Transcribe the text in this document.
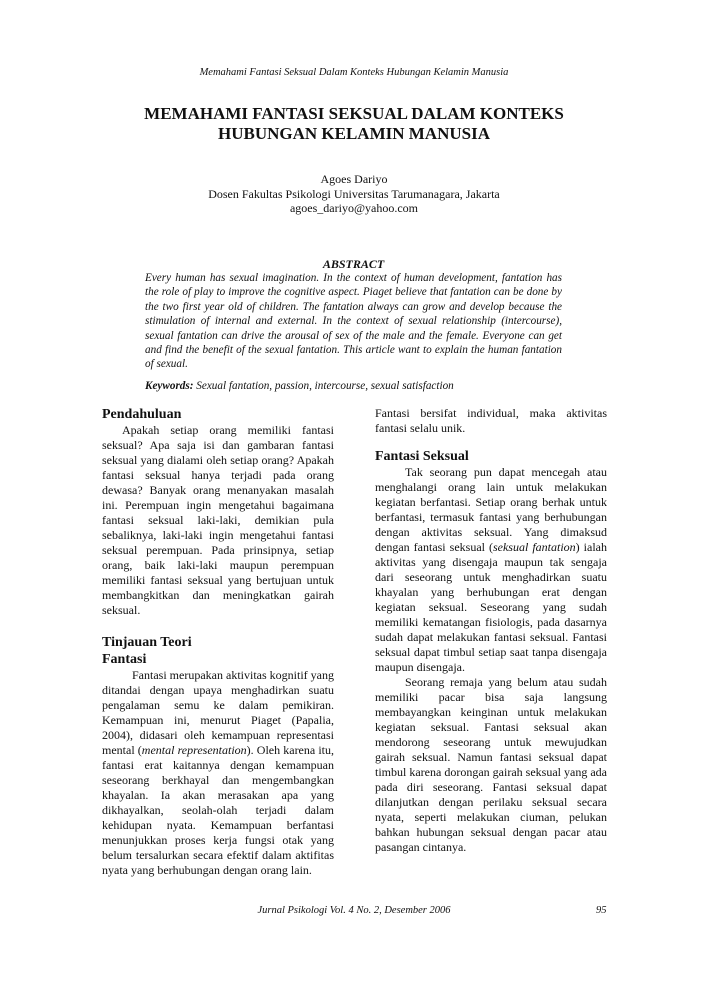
Memahami Fantasi Seksual Dalam Konteks Hubungan Kelamin Manusia
MEMAHAMI FANTASI SEKSUAL DALAM KONTEKS
HUBUNGAN KELAMIN MANUSIA
Agoes Dariyo
Dosen Fakultas Psikologi Universitas Tarumanagara, Jakarta
agoes_dariyo@yahoo.com
ABSTRACT

Every human has sexual imagination. In the context of human development, fantation has the role of play to improve the cognitive aspect. Piaget believe that fantation can be done by the two first year old of children. The fantation always can grow and develop because the stimulation of internal and external. In the context of sexual relationship (intercourse), sexual fantation can drive the arousal of sex of the male and the female. Everyone can get and find the benefit of the sexual fantation. This article want to explain the human fantation of sexual.

Keywords: Sexual fantation, passion, intercourse, sexual satisfaction
Pendahuluan

Apakah setiap orang memiliki fantasi seksual? Apa saja isi dan gambaran fantasi seksual yang dialami oleh setiap orang? Apakah fantasi seksual hanya terjadi pada orang dewasa? Banyak orang menanyakan masalah ini. Perempuan ingin mengetahui bagaimana fantasi seksual laki-laki, demikian pula sebaliknya, laki-laki ingin mengetahui fantasi seksual perempuan. Pada prinsipnya, setiap orang, baik laki-laki maupun perempuan memiliki fantasi seksual yang bertujuan untuk membangkitkan dan meningkatkan gairah seksual.

Tinjauan Teori
Fantasi

Fantasi merupakan aktivitas kognitif yang ditandai dengan upaya menghadirkan suatu pengalaman semu ke dalam pemikiran. Kemampuan ini, menurut Piaget (Papalia, 2004), didasari oleh kemampuan representasi mental (mental representation). Oleh karena itu, fantasi erat kaitannya dengan kemampuan seseorang berkhayal dan mengembangkan khayalan. Ia akan merasakan apa yang dikhayalkan, seolah-olah terjadi dalam kehidupan nyata. Kemampuan berfantasi menunjukkan proses kerja fungsi otak yang belum tersalurkan secara efektif dalam aktifitas nyata yang berhubungan dengan orang lain.

Fantasi bersifat individual, maka aktivitas fantasi selalu unik.

Fantasi Seksual

Tak seorang pun dapat mencegah atau menghalangi orang lain untuk melakukan kegiatan berfantasi. Setiap orang berhak untuk berfantasi, termasuk fantasi yang berhubungan dengan aktivitas seksual. Yang dimaksud dengan fantasi seksual (seksual fantation) ialah aktivitas yang disengaja maupun tak sengaja dari seseorang untuk menghadirkan suatu khayalan yang berhubungan erat dengan kegiatan seksual. Seseorang yang sudah memiliki kematangan fisiologis, pada dasarnya sudah dapat melakukan fantasi seksual. Fantasi seksual dapat timbul setiap saat tanpa disengaja maupun disengaja.

Seorang remaja yang belum atau sudah memiliki pacar bisa saja langsung membayangkan keinginan untuk melakukan kegiatan seksual. Fantasi seksual akan mendorong seseorang untuk mewujudkan gairah seksual. Namun fantasi seksual dapat timbul karena dorongan gairah seksual yang ada pada diri seseorang. Fantasi seksual dapat dilanjutkan dengan perilaku seksual secara nyata, seperti melakukan ciuman, pelukan bahkan hubungan seksual dengan pacar atau pasangan cintanya.

Jurnal Psikologi Vol. 4 No. 2, Desember 2006	95
